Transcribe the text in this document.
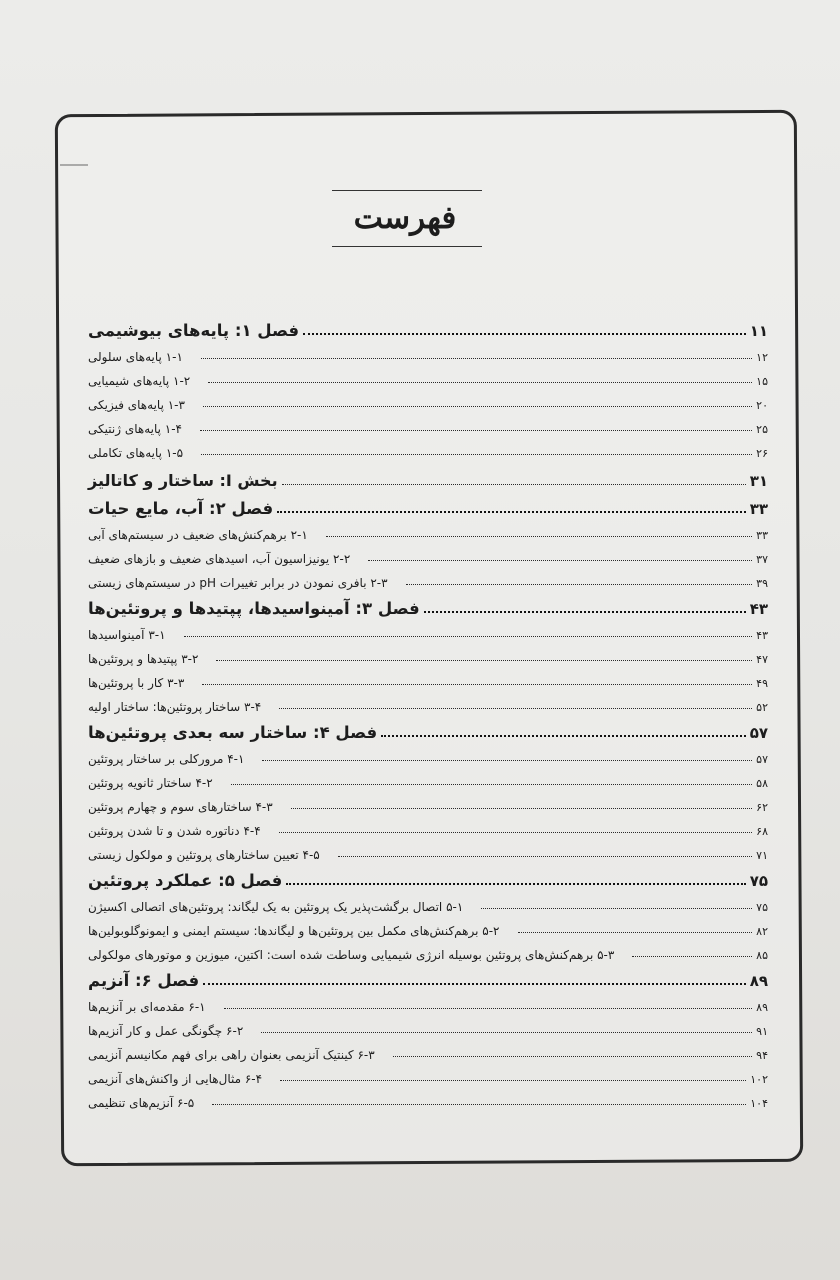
فهرست
فصل ۱: پایه‌های بیوشیمی	۱۱
۱-۱ پایه‌های سلولی	۱۲
۱-۲ پایه‌های شیمیایی	۱۵
۱-۳ پایه‌های فیزیکی	۲۰
۱-۴ پایه‌های ژنتیکی	۲۵
۱-۵ پایه‌های تکاملی	۲۶
بخش I: ساختار و کاتالیز	۳۱
فصل ۲: آب، مایع حیات	۳۳
۲-۱ برهم‌کنش‌های ضعیف در سیستم‌های آبی	۳۳
۲-۲ یونیزاسیون آب، اسیدهای ضعیف و بازهای ضعیف	۳۷
۲-۳ بافری نمودن در برابر تغییرات pH در سیستم‌های زیستی	۳۹
فصل ۳: آمینواسیدها، پپتیدها و پروتئین‌ها	۴۳
۳-۱ آمینواسیدها	۴۳
۳-۲ پپتیدها و پروتئین‌ها	۴۷
۳-۳ کار با پروتئین‌ها	۴۹
۳-۴ ساختار پروتئین‌ها: ساختار اولیه	۵۲
فصل ۴: ساختار سه بعدی پروتئین‌ها	۵۷
۴-۱ مرورکلی بر ساختار پروتئین	۵۷
۴-۲ ساختار ثانویه پروتئین	۵۸
۴-۳ ساختارهای سوم و چهارم پروتئین	۶۲
۴-۴ دناتوره شدن و تا شدن پروتئین	۶۸
۴-۵ تعیین ساختارهای پروتئین و مولکول زیستی	۷۱
فصل ۵: عملکرد پروتئین	۷۵
۵-۱ اتصال برگشت‌پذیر یک پروتئین به یک لیگاند: پروتئین‌های اتصالی اکسیژن	۷۵
۵-۲ برهم‌کنش‌های مکمل بین پروتئین‌ها و لیگاندها: سیستم ایمنی و ایمونوگلوبولین‌ها	۸۲
۵-۳ برهم‌کنش‌های پروتئین بوسیله انرژی شیمیایی وساطت شده است: اکتین، میوزین و موتورهای مولکولی	۸۵
فصل ۶: آنزیم	۸۹
۶-۱ مقدمه‌ای بر آنزیم‌ها	۸۹
۶-۲ چگونگی عمل و کار آنزیم‌ها	۹۱
۶-۳ کینتیک آنزیمی بعنوان راهی برای فهم مکانیسم آنزیمی	۹۴
۶-۴ مثال‌هایی از واکنش‌های آنزیمی	۱۰۲
۶-۵ آنزیم‌های تنظیمی	۱۰۴
